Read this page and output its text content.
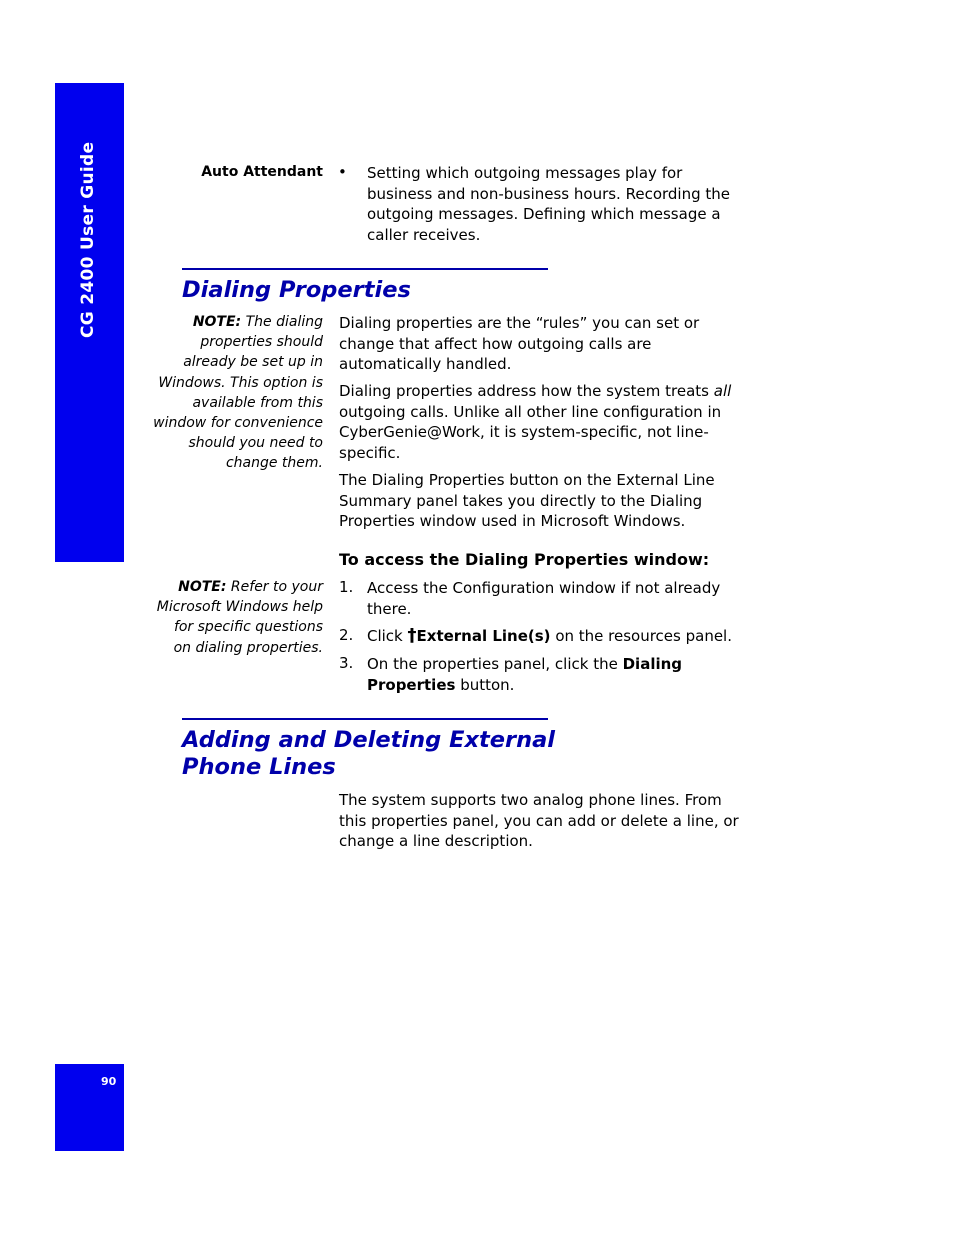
CG 2400 User Guide
90
Auto Attendant • Setting which outgoing messages play for
business and non-business hours. Recording the
outgoing messages. Defining which message a
caller receives.
Dialing Properties
NOTE: The dialing
properties should
already be set up in
Windows. This option is
available from this
window for convenience
should you need to
change them.
Dialing properties are the “rules” you can set or
change that affect how outgoing calls are
automatically handled.
Dialing properties address how the system treats all
outgoing calls. Unlike all other line configuration in
CyberGenie@Work, it is system-specific, not line-
specific.
The Dialing Properties button on the External Line
Summary panel takes you directly to the Dialing
Properties window used in Microsoft Windows.
To access the Dialing Properties window:
NOTE: Refer to your
Microsoft Windows help
for specific questions
on dialing properties.
1. Access the Configuration window if not already
there.
2. Click †External Line(s) on the resources panel.
3. On the properties panel, click the Dialing
Properties button.
Adding and Deleting External
Phone Lines
The system supports two analog phone lines. From
this properties panel, you can add or delete a line, or
change a line description.
